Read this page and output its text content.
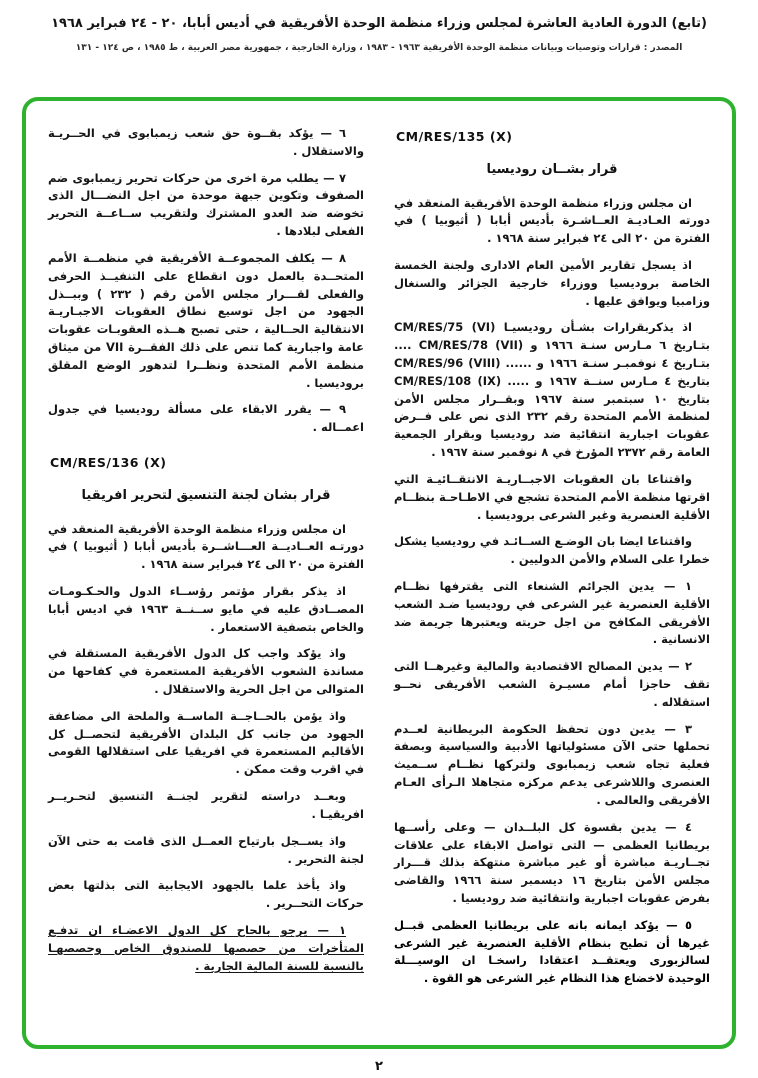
(تابع) الدورة العادية العاشرة لمجلس وزراء منظمة الوحدة الأفريقية في أديس أبابا، ٢٠ - ٢٤ فبراير ١٩٦٨
المصدر : قرارات وتوصيات وبيانات منظمة الوحدة الأفريقية ١٩٦٣ - ١٩٨٣ ، وزارة الخارجية ، جمهورية مصر العربية ، ط ١٩٨٥ ، ص ١٢٤ - ١٣١
CM/RES/135 (X)
قرار بشــان روديسيا

ان مجلس وزراء منظمة الوحدة الأفريقية المنعقد في دورته العـاديـة العــاشـرة بأديس أبابا ( أثيوبيا ) في الفترة من ٢٠ الى ٢٤ فبراير سنة ١٩٦٨ .

اذ يسجل تقارير الأمين العام الادارى ولجنة الخمسة الخاصة بروديسيا ووزراء خارجية الجزائر والسنغال وزامبيا ويوافق عليها .

اذ يذكربقرارات بشـأن روديسيـا CM/RES/75 (VI) بتـاريخ ٦ مـارس سنـة ١٩٦٦ و CM/RES/78 (VII) .... بتـاريخ ٤ نوفمبـر سنـة ١٩٦٦ و ...... CM/RES/96 (VIII) بتاريخ ٤ مـارس سنــة ١٩٦٧ و ..... CM/RES/108 (IX) بتاريخ ١٠ سبتمبر سنة ١٩٦٧ وبقــرار مجلس الأمن لمنظمة الأمم المتحدة رقم ٢٣٢ الذى نص على فــرض عقوبات اجبارية انتقائية ضد روديسيا وبقرار الجمعية العامة رقم ٢٣٧٢ المؤرخ في ٨ نوفمبر سنة ١٩٦٧ .

واقتناعا بان العقوبات الاجبــاريـة الانتقــائيـة التي اقرتها منظمة الأمم المتحدة تشجع في الاطـاحـة بنظــام الأقلية العنصرية وغير الشرعى بروديسيا .

واقتناعا ايضا بان الوضـع الســائـد في روديسيا يشكل خطرا على السلام والأمن الدوليين .

١ — يدين الجرائم الشنعاء التى يقترفها نظــام الأقلية العنصرية غير الشرعى في روديسيا ضـد الشعب الأفريقى المكافح من اجل حريته ويعتبرها جريمة ضد الانسانية .

٢ — يدين المصالح الاقتصادية والمالية وغيرهــا التى تقف حاجزا أمام مسيـرة الشعب الأفريقى نحــو استقلاله .

٣ — يدين دون تحفظ الحكومة البريطانية لعــدم تحملها حتى الآن مسئولياتها الأدبية والسياسية وبصفة فعلية تجاه شعب زيمبابوى ولتركها نظــام ســميث العنصرى واللاشرعى يدعم مركزه متجاهلا الـرأى العـام الأفريقى والعالمى .

٤ — يدين بقسوة كل البلــدان — وعلى رأســها بريطانيا العظمى — التى تواصل الابقاء على علاقات تجــاريـة مباشرة أو غير مباشرة منتهكة بذلك قـــرار مجلس الأمن بتاريخ ١٦ ديسمبر سنة ١٩٦٦ والقاضى بفرض عقوبات اجبارية وانتقائية ضد روديسيا .

٥ — يؤكد ايمانه بانه على بريطانيا العظمى قبــل غيرها أن تطيح بنظام الأقلية العنصرية غير الشرعى لسالزبورى ويعتقــد اعتقادا راسخـا ان الوسيـــلة الوحيدة لاخضاع هذا النظام غير الشرعى هو القوة .

٦ — يؤكد بقــوة حق شعب زيمبابوى في الحــريـة والاستقلال .

٧ — يطلب مرة اخرى من حركات تحرير زيمبابوى ضم الصفوف وتكوين جبهة موحدة من اجل النضـــال الذى تخوضه ضد العدو المشترك ولتقريب ســاعــة التحرير الفعلى لبلادها .

٨ — يكلف المجموعــة الأفريقية في منظمــة الأمم المتحــدة بالعمل دون انقطاع على التنفيــذ الحرفى والفعلى لقـــرار مجلس الأمن رقم ( ٢٣٢ ) وببــذل الجهود من اجل توسيع نطاق العقوبات الاجبـاريـة الانتقالية الحــالية ، حتى تصبح هــذه العقوبـات عقوبات عامة واجبارية كما تنص على ذلك الفقــرة VII من ميثاق منظمة الأمم المتحدة ونظــرا لتدهور الوضع المقلق بروديسيا .

٩ — يقرر الابقاء على مسألة روديسيا في جدول اعمــاله .

CM/RES/136 (X)
قرار بشان لجنة التنسيق لتحرير افريقيا

ان مجلس وزراء منظمة الوحدة الأفريقية المنعقد في دورتـه العــاديــة العـــاشــرة بأديس أبابا ( أثيوبيا ) في الفترة من ٢٠ الى ٢٤ فبراير سنة ١٩٦٨ .

اذ يذكر بقرار مؤتمر رؤســاء الدول والحـكـومـات المصــادق عليه في مايو ســنــة ١٩٦٣ في اديس أبابا والخاص بتصفية الاستعمار .

واذ يؤكد واجب كل الدول الأفريقية المستقلة في مساندة الشعوب الأفريقية المستعمرة في كفاحها من المتوالى من اجل الحرية والاستقلال .

واذ يؤمن بالحــاجــة الماســة والملحة الى مضاعفة الجهود من جانب كل البلدان الأفريقية لتحصــل كل الأقاليم المستعمرة في افريقيا على استقلالها القومى في اقرب وقت ممكن .

وبعــد دراسته لتقرير لجنــة التنسيق لتحـريــر افريقيـا .

واذ يســجل بارتياح العمــل الذى قامت به حتى الآن لجنة التحرير .

واذ يأخذ علما بالجهود الايجابية التى بذلتها بعض حركات التحــرير .

١ — يرجو بالحاح كل الدول الاعضـاء ان تدفـع المتأخرات من حصصها للصندوق الخاص وحصصهـا بالنسبة للسنة المالية الجارية .

٢
